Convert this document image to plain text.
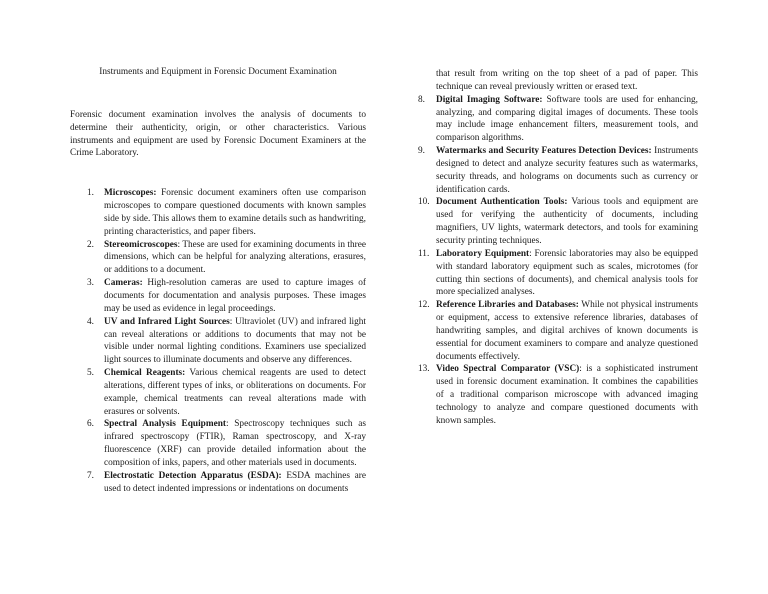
Instruments and Equipment in Forensic Document Examination
Forensic document examination involves the analysis of documents to determine their authenticity, origin, or other characteristics. Various instruments and equipment are used by Forensic Document Examiners at the Crime Laboratory.
1. Microscopes: Forensic document examiners often use comparison microscopes to compare questioned documents with known samples side by side. This allows them to examine details such as handwriting, printing characteristics, and paper fibers.
2. Stereomicroscopes: These are used for examining documents in three dimensions, which can be helpful for analyzing alterations, erasures, or additions to a document.
3. Cameras: High-resolution cameras are used to capture images of documents for documentation and analysis purposes. These images may be used as evidence in legal proceedings.
4. UV and Infrared Light Sources: Ultraviolet (UV) and infrared light can reveal alterations or additions to documents that may not be visible under normal lighting conditions. Examiners use specialized light sources to illuminate documents and observe any differences.
5. Chemical Reagents: Various chemical reagents are used to detect alterations, different types of inks, or obliterations on documents. For example, chemical treatments can reveal alterations made with erasures or solvents.
6. Spectral Analysis Equipment: Spectroscopy techniques such as infrared spectroscopy (FTIR), Raman spectroscopy, and X-ray fluorescence (XRF) can provide detailed information about the composition of inks, papers, and other materials used in documents.
7. Electrostatic Detection Apparatus (ESDA): ESDA machines are used to detect indented impressions or indentations on documents
that result from writing on the top sheet of a pad of paper. This technique can reveal previously written or erased text.
8. Digital Imaging Software: Software tools are used for enhancing, analyzing, and comparing digital images of documents. These tools may include image enhancement filters, measurement tools, and comparison algorithms.
9. Watermarks and Security Features Detection Devices: Instruments designed to detect and analyze security features such as watermarks, security threads, and holograms on documents such as currency or identification cards.
10. Document Authentication Tools: Various tools and equipment are used for verifying the authenticity of documents, including magnifiers, UV lights, watermark detectors, and tools for examining security printing techniques.
11. Laboratory Equipment: Forensic laboratories may also be equipped with standard laboratory equipment such as scales, microtomes (for cutting thin sections of documents), and chemical analysis tools for more specialized analyses.
12. Reference Libraries and Databases: While not physical instruments or equipment, access to extensive reference libraries, databases of handwriting samples, and digital archives of known documents is essential for document examiners to compare and analyze questioned documents effectively.
13. Video Spectral Comparator (VSC): is a sophisticated instrument used in forensic document examination. It combines the capabilities of a traditional comparison microscope with advanced imaging technology to analyze and compare questioned documents with known samples.
